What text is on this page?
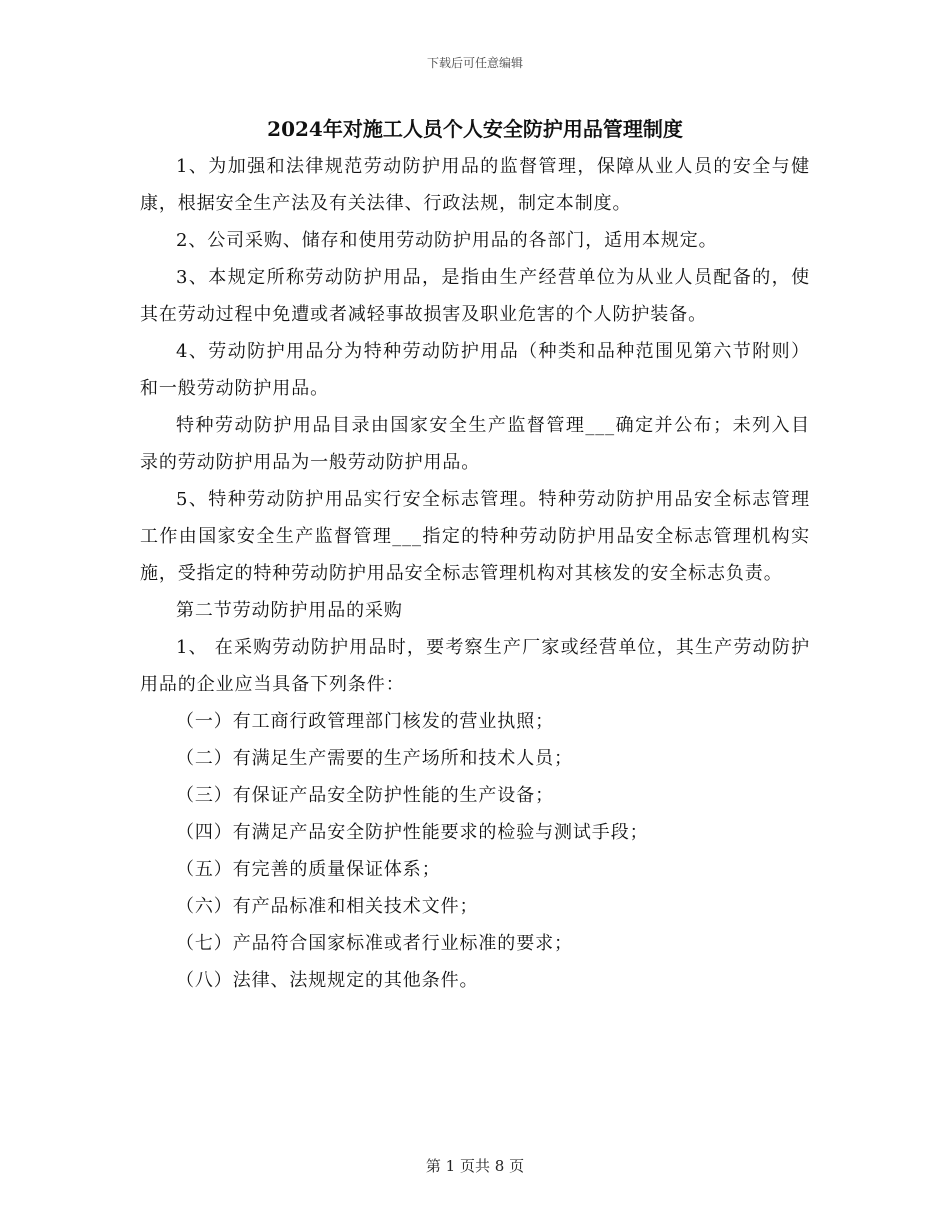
下载后可任意编辑
2024年对施工人员个人安全防护用品管理制度

1、为加强和法律规范劳动防护用品的监督管理，保障从业人员的安全与健康，根据安全生产法及有关法律、行政法规，制定本制度。

2、公司采购、储存和使用劳动防护用品的各部门，适用本规定。

3、本规定所称劳动防护用品，是指由生产经营单位为从业人员配备的，使其在劳动过程中免遭或者减轻事故损害及职业危害的个人防护装备。

4、劳动防护用品分为特种劳动防护用品（种类和品种范围见第六节附则）和一般劳动防护用品。

特种劳动防护用品目录由国家安全生产监督管理___确定并公布；未列入目录的劳动防护用品为一般劳动防护用品。

5、特种劳动防护用品实行安全标志管理。特种劳动防护用品安全标志管理工作由国家安全生产监督管理___指定的特种劳动防护用品安全标志管理机构实施，受指定的特种劳动防护用品安全标志管理机构对其核发的安全标志负责。

第二节劳动防护用品的采购

1、 在采购劳动防护用品时，要考察生产厂家或经营单位，其生产劳动防护用品的企业应当具备下列条件：

（一）有工商行政管理部门核发的营业执照；

（二）有满足生产需要的生产场所和技术人员；

（三）有保证产品安全防护性能的生产设备；

（四）有满足产品安全防护性能要求的检验与测试手段；

（五）有完善的质量保证体系；

（六）有产品标准和相关技术文件；

（七）产品符合国家标准或者行业标准的要求；

（八）法律、法规规定的其他条件。

第 1 页共 8 页
